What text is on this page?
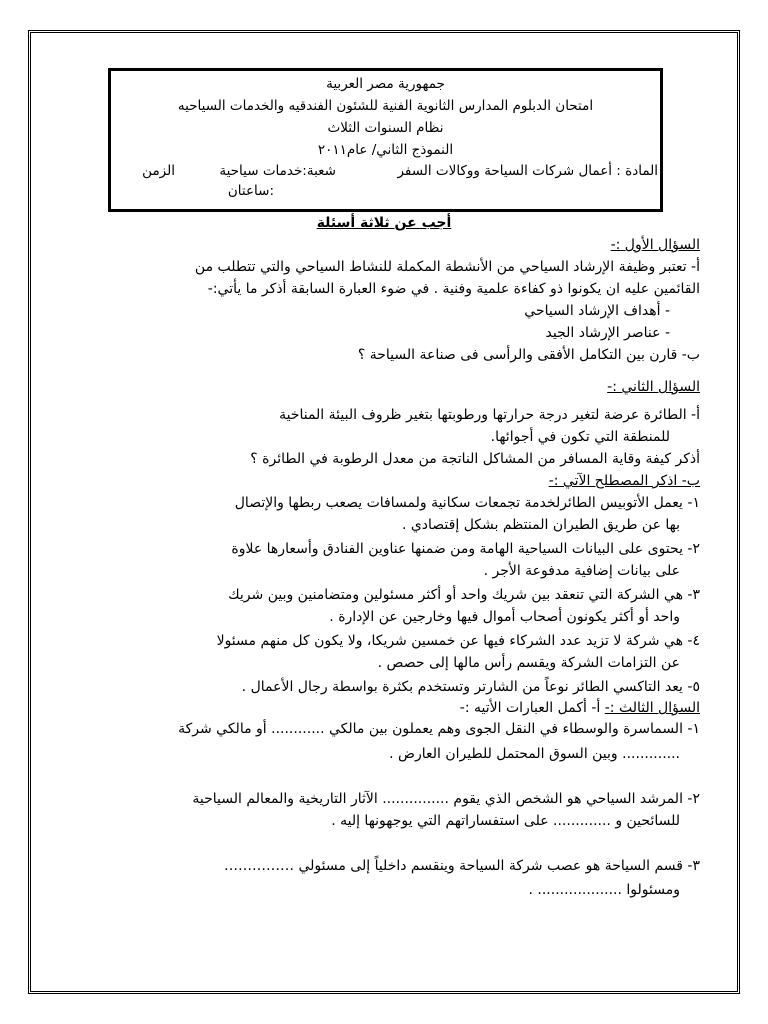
جمهورية مصر العربية
امتحان الدبلوم المدارس الثانوية الفنية للشئون الفندقيه والخدمات السياحيه
نظام السنوات الثلاث
النموذج الثاني/ عام٢٠١١
المادة : أعمال شركات السياحة ووكالات السفر
شعبة:خدمات سياحية
الزمن
:ساعتان
أجب عن ثلاثة أسئلة
السؤال الأول :-
أ- تعتبر وظيفة الإرشاد السياحي من الأنشطة المكملة للنشاط السياحي والتي تتطلب من
القائمين عليه ان يكونوا ذو كفاءة علمية وفنية . في ضوء العبارة السابقة أذكر ما يأتي:-
- أهداف الإرشاد السياحي
- عناصر الإرشاد الجيد
ب- قارن بين التكامل الأفقى والرأسى فى صناعة السياحة ؟
السؤال الثاني :-
أ- الطائرة عرضة لتغير درجة حرارتها ورطوبتها بتغير ظروف البيئة المناخية
للمنطقة التي تكون في أجوائها.
أذكر كيفة وقاية المسافر من المشاكل الناتجة من معدل الرطوبة في الطائرة ؟
ب- اذكر المصطلح الآتي :-
١- يعمل الأتوبيس الطائرلخدمة تجمعات سكانية ولمسافات يصعب ربطها والإتصال
بها عن طريق الطيران المنتظم بشكل إقتصادي .
٢- يحتوى على البيانات السياحية الهامة ومن ضمنها عناوين الفنادق وأسعارها علاوة
على بيانات إضافية مدفوعة الأجر .
٣- هي الشركة التي تنعقد بين شريك واحد أو أكثر مسئولين ومتضامنين وبين شريك
واحد أو أكثر يكونون أصحاب أموال فيها وخارجين عن الإدارة .
٤- هي شركة لا تزيد عدد الشركاء فيها عن خمسين شريكا، ولا يكون كل منهم مسئولا
عن التزامات الشركة ويقسم رأس مالها إلى حصص .
٥- يعد التاكسي الطائر نوعاً من الشارتر وتستخدم بكثرة بواسطة رجال الأعمال .
السؤال الثالث :- أ- أكمل العبارات الأتيه :-
١- السماسرة والوسطاء في النقل الجوى وهم يعملون بين مالكي ............ أو مالكي شركة
............. وبين السوق المحتمل للطيران العارض .
٢- المرشد السياحي هو الشخص الذي يقوم ............... الآثار التاريخية والمعالم السياحية
للسائحين و ............. على استفساراتهم التي يوجهونها إليه .
٣- قسم السياحة هو عصب شركة السياحة وينقسم داخلياً إلى مسئولي ……………
ومسئولوا ................... .
